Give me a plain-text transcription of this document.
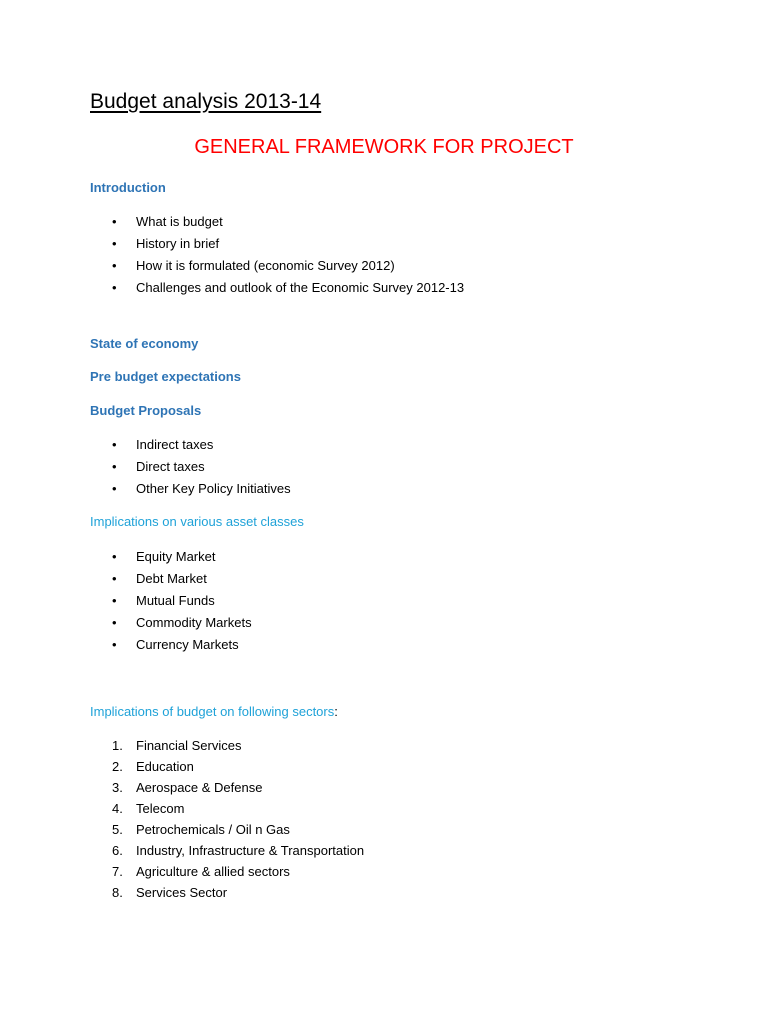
Budget analysis 2013-14
GENERAL FRAMEWORK FOR PROJECT
Introduction
• What is budget
• History in brief
• How it is formulated (economic Survey 2012)
• Challenges and outlook of the Economic Survey 2012-13
State of economy
Pre budget expectations
Budget Proposals
• Indirect taxes
• Direct taxes
• Other Key Policy Initiatives
Implications on various asset classes
• Equity Market
• Debt Market
• Mutual Funds
• Commodity Markets
• Currency Markets
Implications of budget on following sectors:
1. Financial Services
2. Education
3. Aerospace & Defense
4. Telecom
5. Petrochemicals / Oil n Gas
6. Industry, Infrastructure & Transportation
7. Agriculture & allied sectors
8. Services Sector
